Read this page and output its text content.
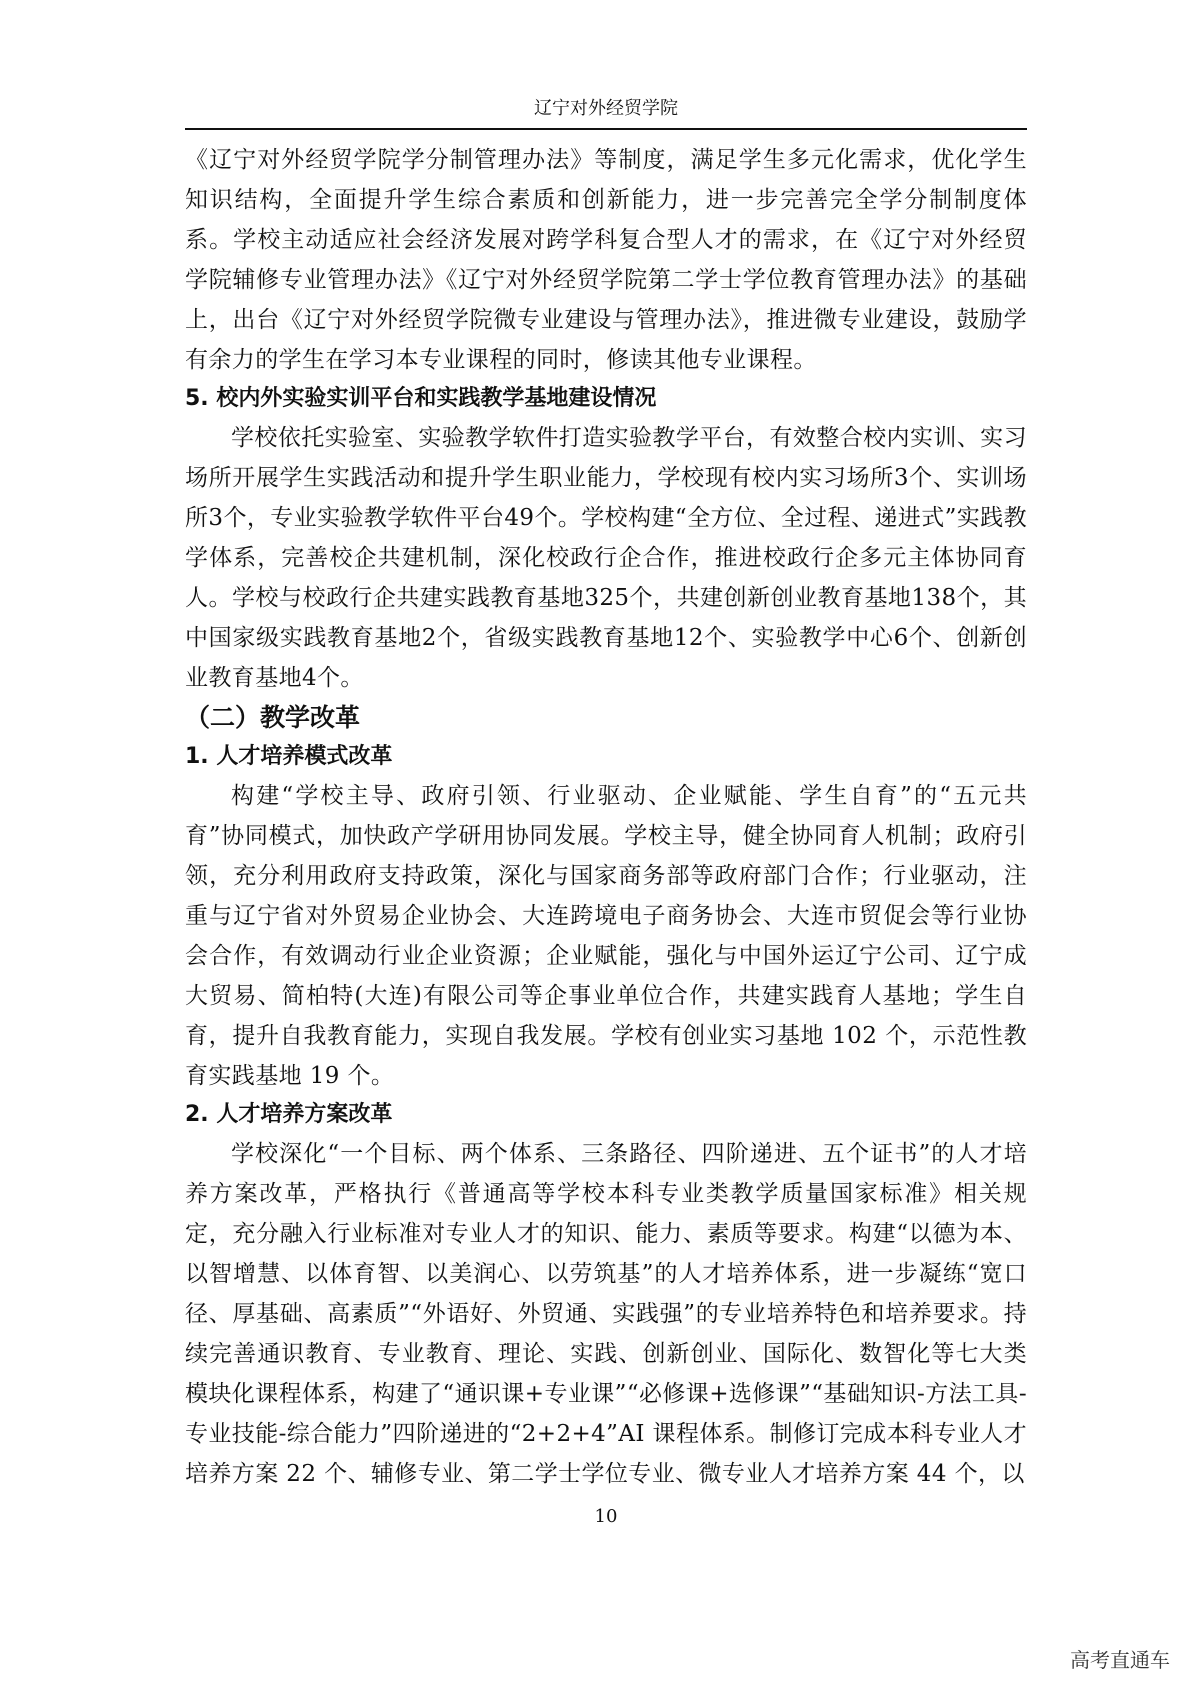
辽宁对外经贸学院

《辽宁对外经贸学院学分制管理办法》等制度，满足学生多元化需求，优化学生知识结构，全面提升学生综合素质和创新能力，进一步完善完全学分制制度体系。学校主动适应社会经济发展对跨学科复合型人才的需求，在《辽宁对外经贸学院辅修专业管理办法》《辽宁对外经贸学院第二学士学位教育管理办法》的基础上，出台《辽宁对外经贸学院微专业建设与管理办法》，推进微专业建设，鼓励学有余力的学生在学习本专业课程的同时，修读其他专业课程。

5. 校内外实验实训平台和实践教学基地建设情况

学校依托实验室、实验教学软件打造实验教学平台，有效整合校内实训、实习场所开展学生实践活动和提升学生职业能力，学校现有校内实习场所3个、实训场所3个，专业实验教学软件平台49个。学校构建“全方位、全过程、递进式”实践教学体系，完善校企共建机制，深化校政行企合作，推进校政行企多元主体协同育人。学校与校政行企共建实践教育基地325个，共建创新创业教育基地138个，其中国家级实践教育基地2个，省级实践教育基地12个、实验教学中心6个、创新创业教育基地4个。

（二）教学改革

1. 人才培养模式改革

构建“学校主导、政府引领、行业驱动、企业赋能、学生自育”的“五元共育”协同模式，加快政产学研用协同发展。学校主导，健全协同育人机制；政府引领，充分利用政府支持政策，深化与国家商务部等政府部门合作；行业驱动，注重与辽宁省对外贸易企业协会、大连跨境电子商务协会、大连市贸促会等行业协会合作，有效调动行业企业资源；企业赋能，强化与中国外运辽宁公司、辽宁成大贸易、简柏特(大连)有限公司等企事业单位合作，共建实践育人基地；学生自育，提升自我教育能力，实现自我发展。学校有创业实习基地 102 个，示范性教育实践基地 19 个。

2. 人才培养方案改革

学校深化“一个目标、两个体系、三条路径、四阶递进、五个证书”的人才培养方案改革，严格执行《普通高等学校本科专业类教学质量国家标准》相关规定，充分融入行业标准对专业人才的知识、能力、素质等要求。构建“以德为本、以智增慧、以体育智、以美润心、以劳筑基”的人才培养体系，进一步凝练“宽口径、厚基础、高素质”“外语好、外贸通、实践强”的专业培养特色和培养要求。持续完善通识教育、专业教育、理论、实践、创新创业、国际化、数智化等七大类模块化课程体系，构建了“通识课+专业课”“必修课+选修课”“基础知识-方法工具-专业技能-综合能力”四阶递进的“2+2+4”AI 课程体系。制修订完成本科专业人才培养方案 22 个、辅修专业、第二学士学位专业、微专业人才培养方案 44 个，以

10
高考直通车
